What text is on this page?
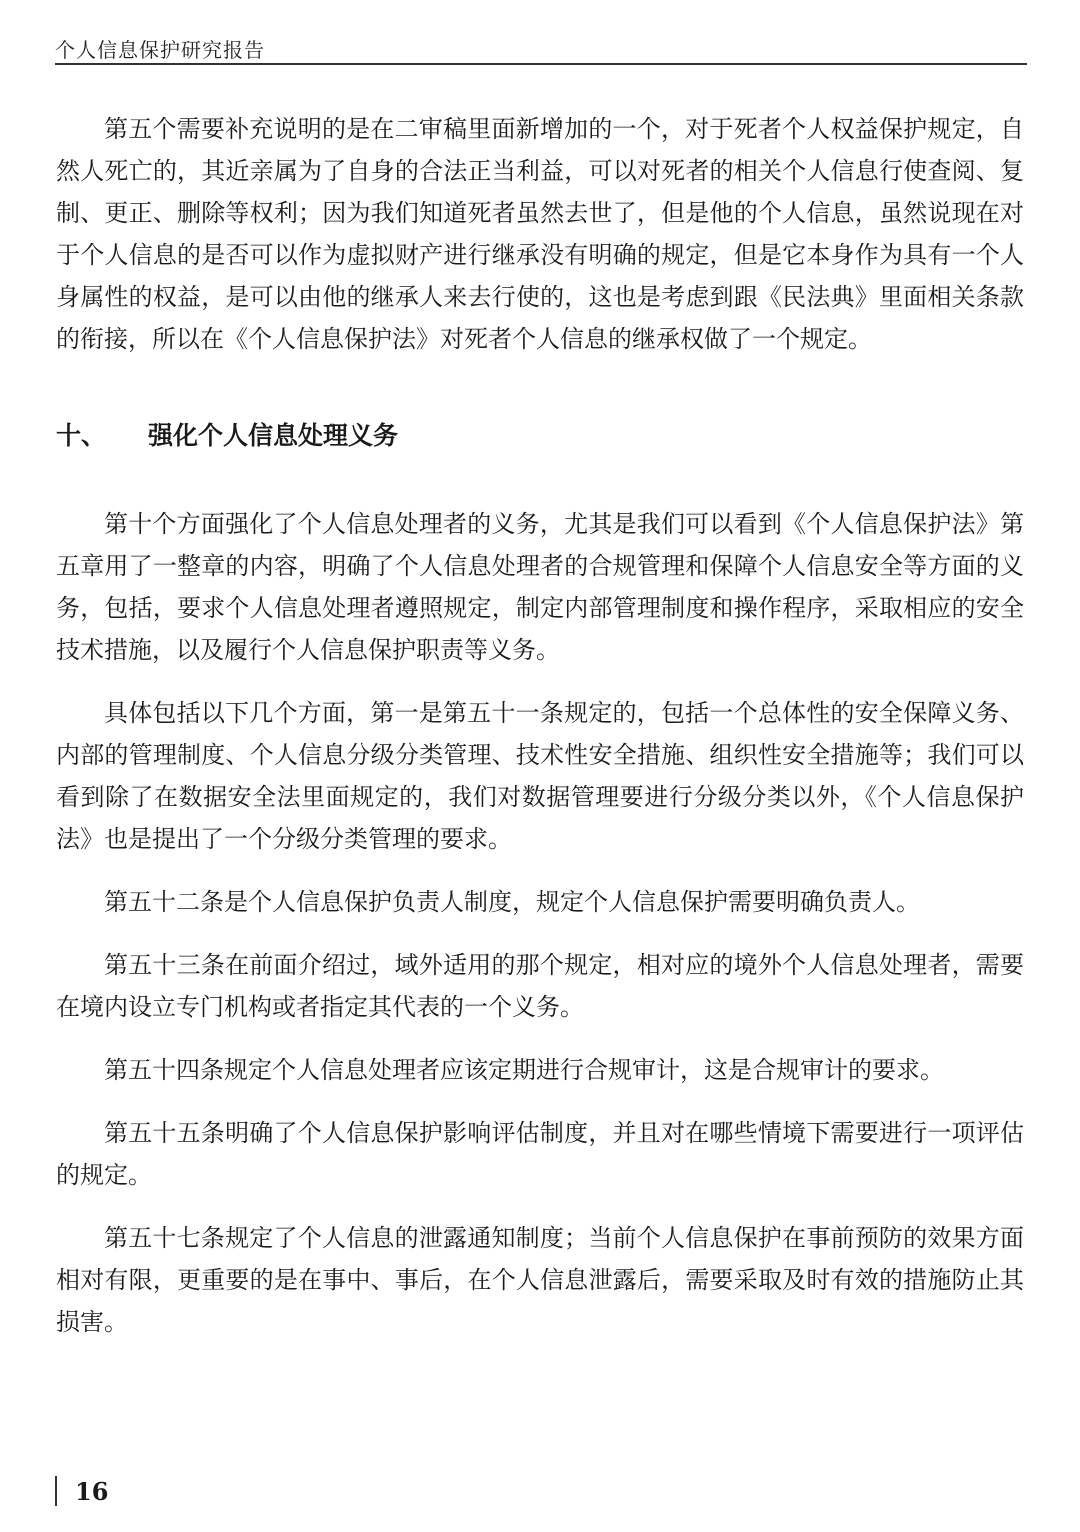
个人信息保护研究报告

第五个需要补充说明的是在二审稿里面新增加的一个，对于死者个人权益保护规定，自然人死亡的，其近亲属为了自身的合法正当利益，可以对死者的相关个人信息行使查阅、复制、更正、删除等权利；因为我们知道死者虽然去世了，但是他的个人信息，虽然说现在对于个人信息的是否可以作为虚拟财产进行继承没有明确的规定，但是它本身作为具有一个人身属性的权益，是可以由他的继承人来去行使的，这也是考虑到跟《民法典》里面相关条款的衔接，所以在《个人信息保护法》对死者个人信息的继承权做了一个规定。

十、	强化个人信息处理义务

第十个方面强化了个人信息处理者的义务，尤其是我们可以看到《个人信息保护法》第五章用了一整章的内容，明确了个人信息处理者的合规管理和保障个人信息安全等方面的义务，包括，要求个人信息处理者遵照规定，制定内部管理制度和操作程序，采取相应的安全技术措施，以及履行个人信息保护职责等义务。

具体包括以下几个方面，第一是第五十一条规定的，包括一个总体性的安全保障义务、内部的管理制度、个人信息分级分类管理、技术性安全措施、组织性安全措施等；我们可以看到除了在数据安全法里面规定的，我们对数据管理要进行分级分类以外，《个人信息保护法》也是提出了一个分级分类管理的要求。

第五十二条是个人信息保护负责人制度，规定个人信息保护需要明确负责人。

第五十三条在前面介绍过，域外适用的那个规定，相对应的境外个人信息处理者，需要在境内设立专门机构或者指定其代表的一个义务。

第五十四条规定个人信息处理者应该定期进行合规审计，这是合规审计的要求。

第五十五条明确了个人信息保护影响评估制度，并且对在哪些情境下需要进行一项评估的规定。

第五十七条规定了个人信息的泄露通知制度；当前个人信息保护在事前预防的效果方面相对有限，更重要的是在事中、事后，在个人信息泄露后，需要采取及时有效的措施防止其损害。

16
